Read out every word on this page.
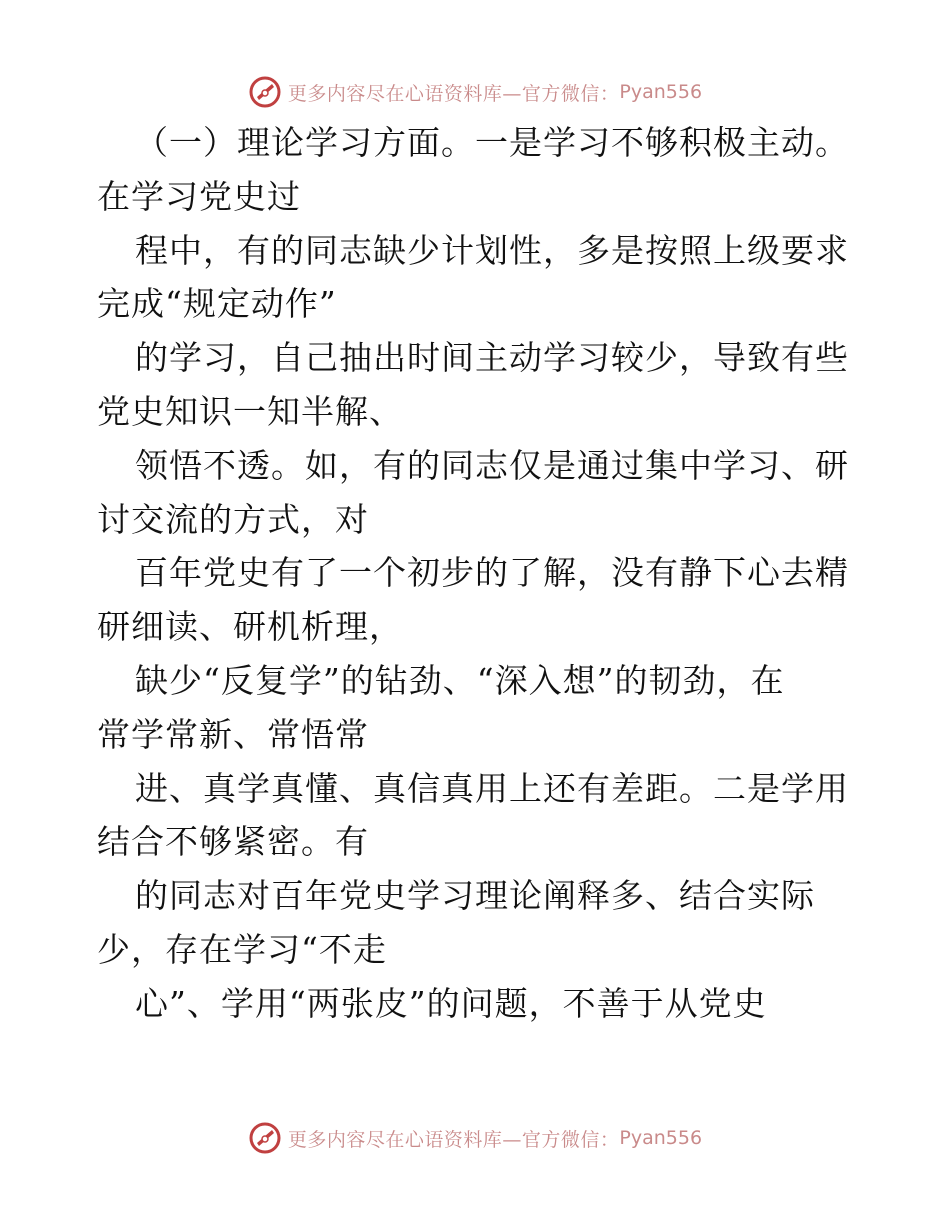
更多内容尽在心语资料库—官方微信： Pyan556
（一）理论学习方面。一是学习不够积极主动。
在学习党史过
程中，有的同志缺少计划性，多是按照上级要求
完成“规定动作”
的学习，自己抽出时间主动学习较少，导致有些
党史知识一知半解、
领悟不透。如，有的同志仅是通过集中学习、研
讨交流的方式，对
百年党史有了一个初步的了解，没有静下心去精
研细读、研机析理，
缺少“反复学”的钻劲、“深入想”的韧劲，在
常学常新、常悟常
进、真学真懂、真信真用上还有差距。二是学用
结合不够紧密。有
的同志对百年党史学习理论阐释多、结合实际
少，存在学习“不走
心”、学用“两张皮”的问题，不善于从党史
更多内容尽在心语资料库—官方微信： Pyan556
